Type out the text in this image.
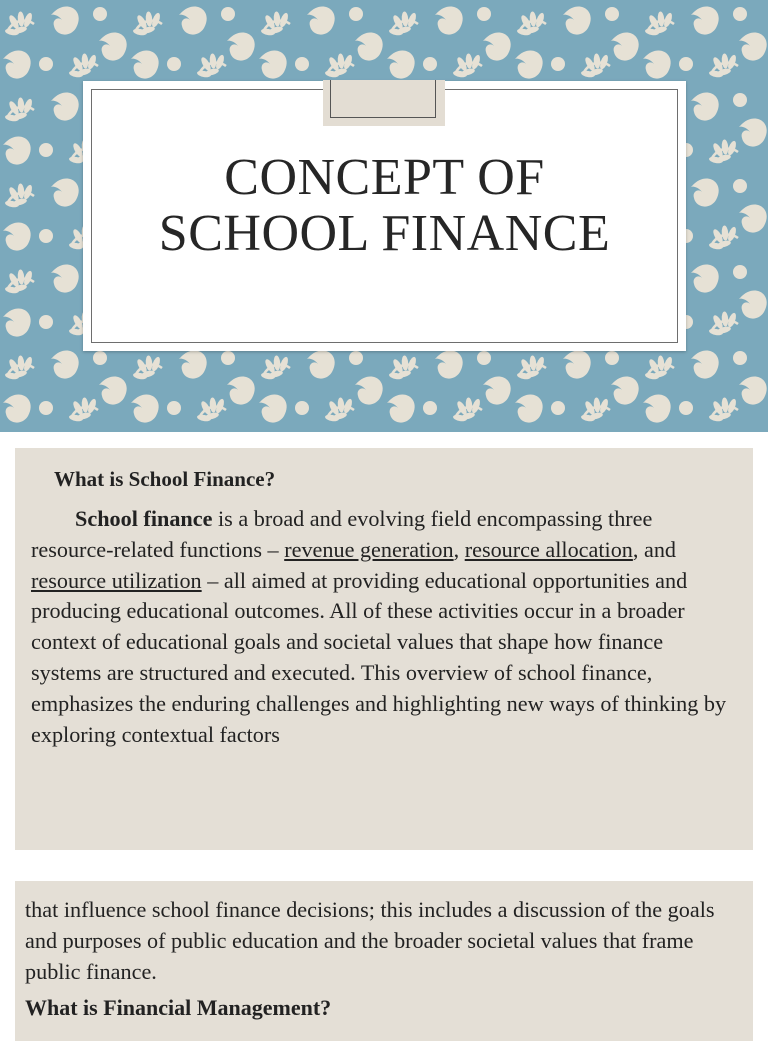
CONCEPT OF
SCHOOL FINANCE
What is School Finance?
School finance is a broad and evolving field encompassing three resource-related functions – revenue generation, resource allocation, and resource utilization – all aimed at providing educational opportunities and producing educational outcomes. All of these activities occur in a broader context of educational goals and societal values that shape how finance systems are structured and executed. This overview of school finance, emphasizes the enduring challenges and highlighting new ways of thinking by exploring contextual factors
that influence school finance decisions; this includes a discussion of the goals and purposes of public education and the broader societal values that frame public finance.
What is Financial Management?
